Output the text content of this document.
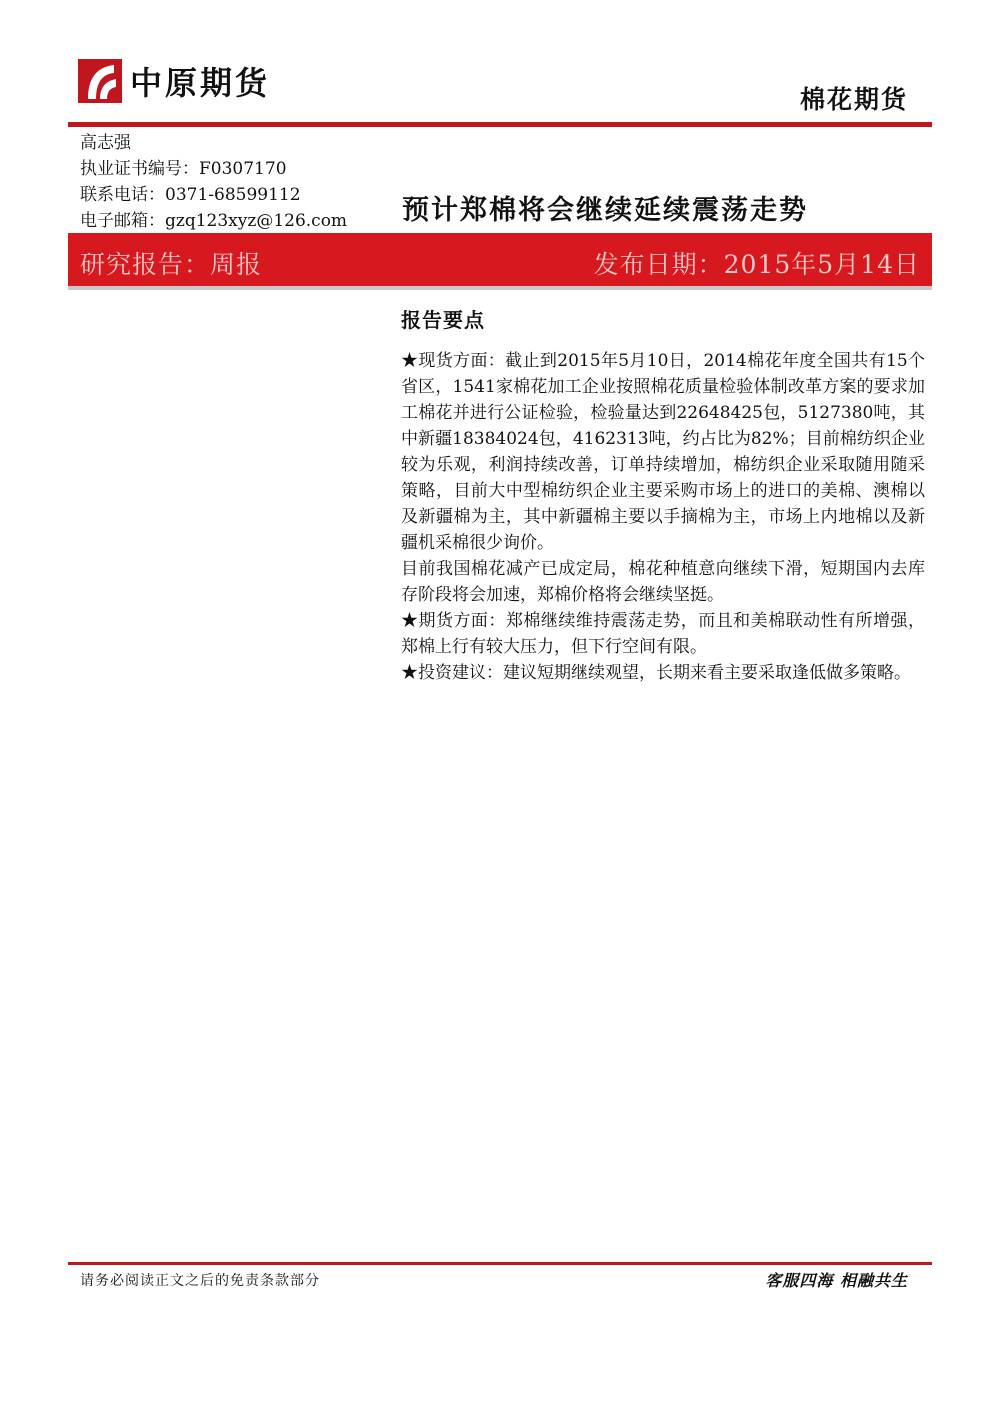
中原期货	棉花期货
高志强
执业证书编号：F0307170
联系电话：0371-68599112
电子邮箱：gzq123xyz@126.com 预计郑棉将会继续延续震荡走势
研究报告：周报	发布日期：2015年5月14日
报告要点

★现货方面：截止到2015年5月10日，2014棉花年度全国共有15个省区，1541家棉花加工企业按照棉花质量检验体制改革方案的要求加工棉花并进行公证检验，检验量达到22648425包，5127380吨，其中新疆18384024包，4162313吨，约占比为82%；目前棉纺织企业较为乐观，利润持续改善，订单持续增加，棉纺织企业采取随用随采策略，目前大中型棉纺织企业主要采购市场上的进口的美棉、澳棉以及新疆棉为主，其中新疆棉主要以手摘棉为主，市场上内地棉以及新疆机采棉很少询价。

目前我国棉花减产已成定局，棉花种植意向继续下滑，短期国内去库存阶段将会加速，郑棉价格将会继续坚挺。

★期货方面：郑棉继续维持震荡走势，而且和美棉联动性有所增强，郑棉上行有较大压力，但下行空间有限。

★投资建议：建议短期继续观望，长期来看主要采取逢低做多策略。

请务必阅读正文之后的免责条款部分	客服四海 相融共生
